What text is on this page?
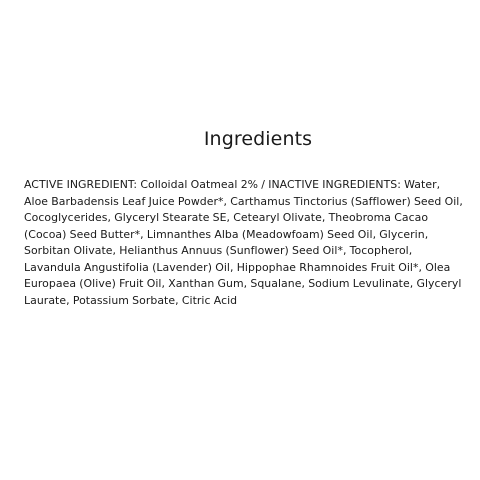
Ingredients
ACTIVE INGREDIENT: Colloidal Oatmeal 2% / INACTIVE INGREDIENTS: Water,
Aloe Barbadensis Leaf Juice Powder*, Carthamus Tinctorius (Safflower) Seed Oil,
Cocoglycerides, Glyceryl Stearate SE, Cetearyl Olivate, Theobroma Cacao
(Cocoa) Seed Butter*, Limnanthes Alba (Meadowfoam) Seed Oil, Glycerin,
Sorbitan Olivate, Helianthus Annuus (Sunflower) Seed Oil*, Tocopherol,
Lavandula Angustifolia (Lavender) Oil, Hippophae Rhamnoides Fruit Oil*, Olea
Europaea (Olive) Fruit Oil, Xanthan Gum, Squalane, Sodium Levulinate, Glyceryl
Laurate, Potassium Sorbate, Citric Acid
